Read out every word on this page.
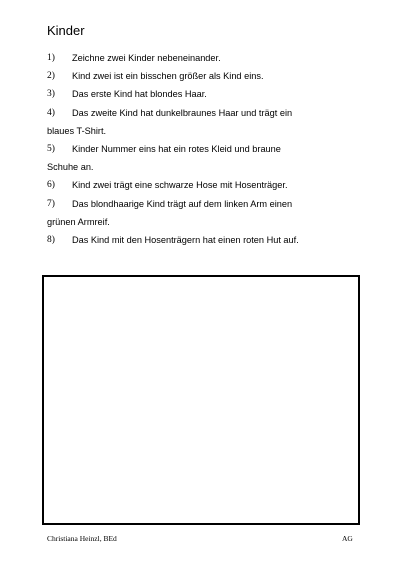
Kinder
1) Zeichne zwei Kinder nebeneinander.
2) Kind zwei ist ein bisschen größer als Kind eins.
3) Das erste Kind hat blondes Haar.
4) Das zweite Kind hat dunkelbraunes Haar und trägt ein
blaues T-Shirt.
5) Kinder Nummer eins hat ein rotes Kleid und braune
Schuhe an.
6) Kind zwei trägt eine schwarze Hose mit Hosenträger.
7) Das blondhaarige Kind trägt auf dem linken Arm einen
grünen Armreif.
8) Das Kind mit den Hosenträgern hat einen roten Hut auf.
Christiana Heinzl, BEd	AG
